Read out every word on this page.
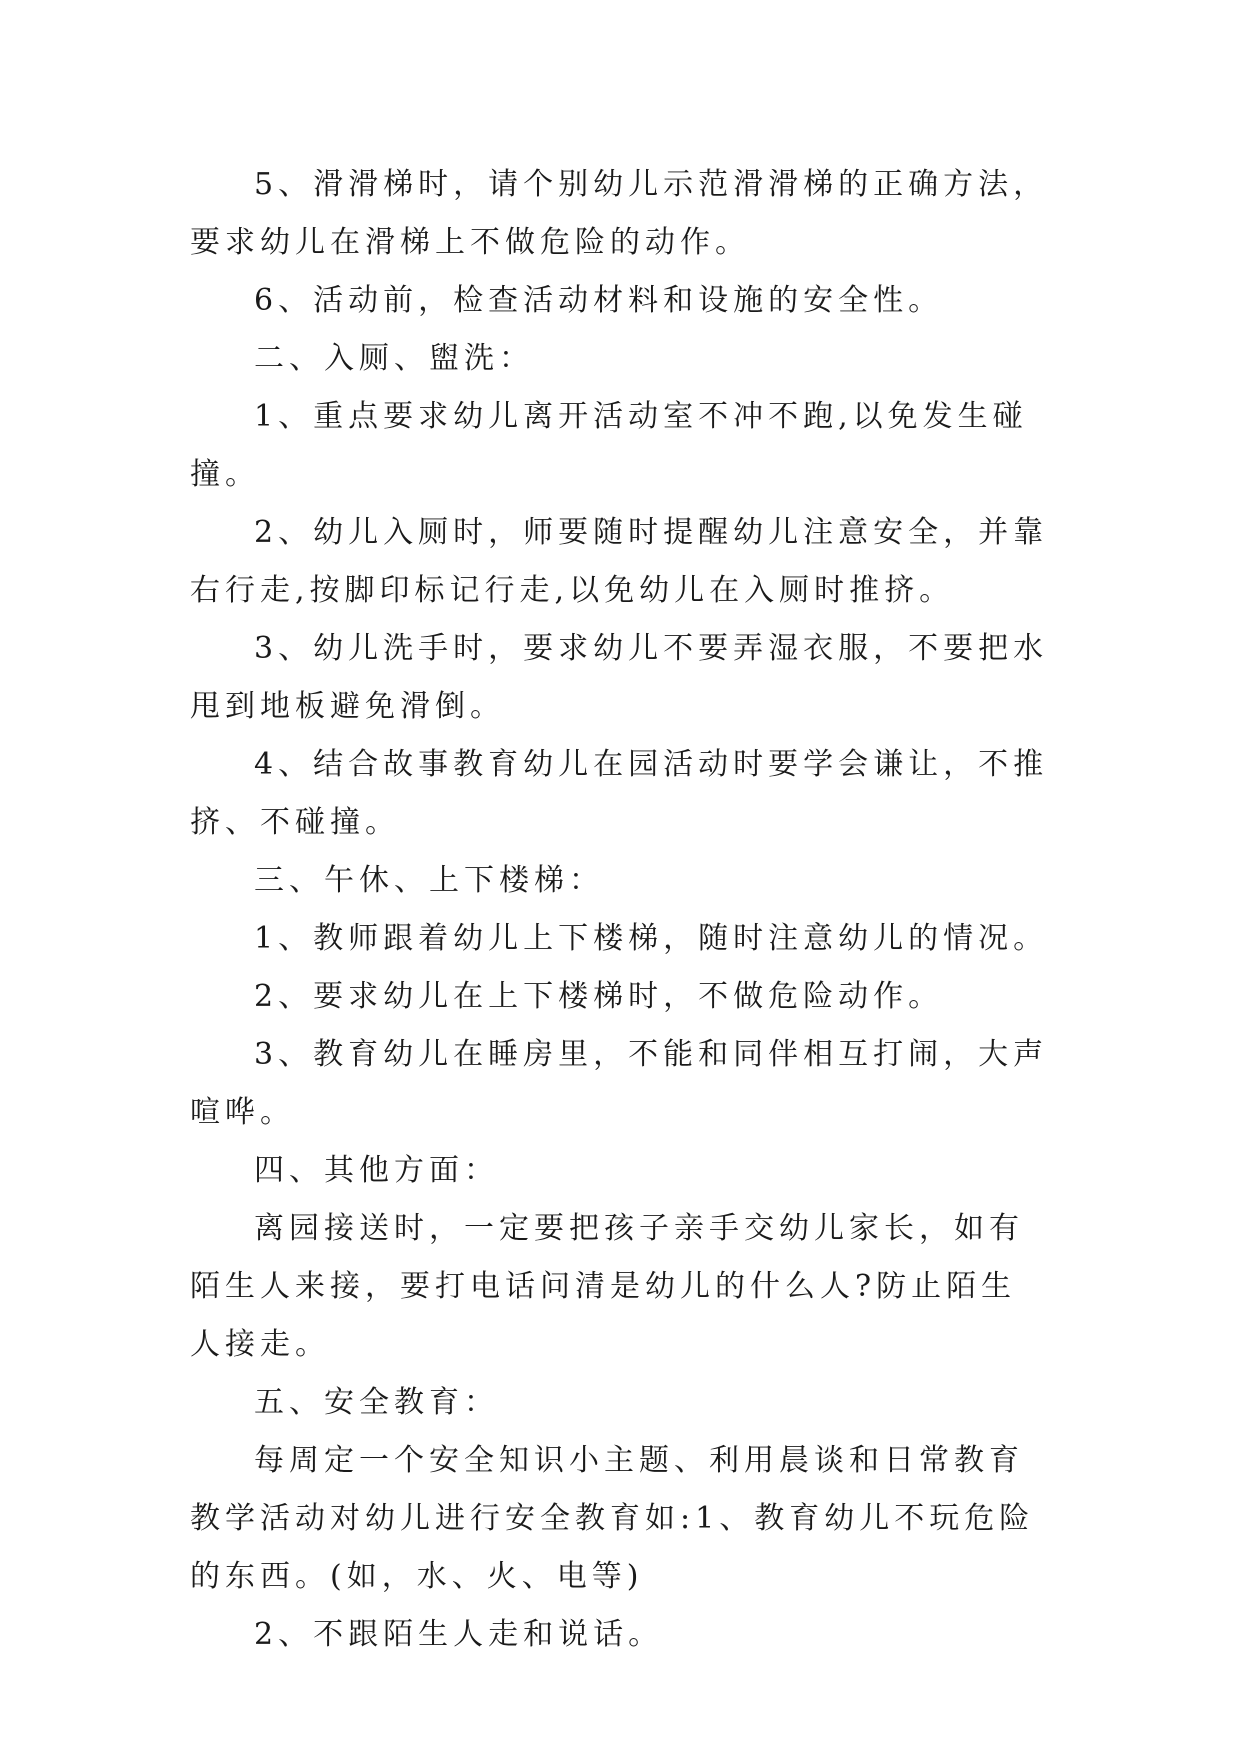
5、滑滑梯时，请个别幼儿示范滑滑梯的正确方法，要求幼儿在滑梯上不做危险的动作。

6、活动前，检查活动材料和设施的安全性。

二、入厕、盥洗：

1、重点要求幼儿离开活动室不冲不跑,以免发生碰撞。

2、幼儿入厕时，师要随时提醒幼儿注意安全，并靠右行走,按脚印标记行走,以免幼儿在入厕时推挤。

3、幼儿洗手时，要求幼儿不要弄湿衣服，不要把水甩到地板避免滑倒。

4、结合故事教育幼儿在园活动时要学会谦让，不推挤、不碰撞。

三、午休、上下楼梯：

1、教师跟着幼儿上下楼梯，随时注意幼儿的情况。

2、要求幼儿在上下楼梯时，不做危险动作。

3、教育幼儿在睡房里，不能和同伴相互打闹，大声喧哗。

四、其他方面：

离园接送时，一定要把孩子亲手交幼儿家长，如有陌生人来接，要打电话问清是幼儿的什么人?防止陌生人接走。

五、安全教育：

每周定一个安全知识小主题、利用晨谈和日常教育教学活动对幼儿进行安全教育如:1、教育幼儿不玩危险的东西。(如，水、火、电等)

2、不跟陌生人走和说话。
